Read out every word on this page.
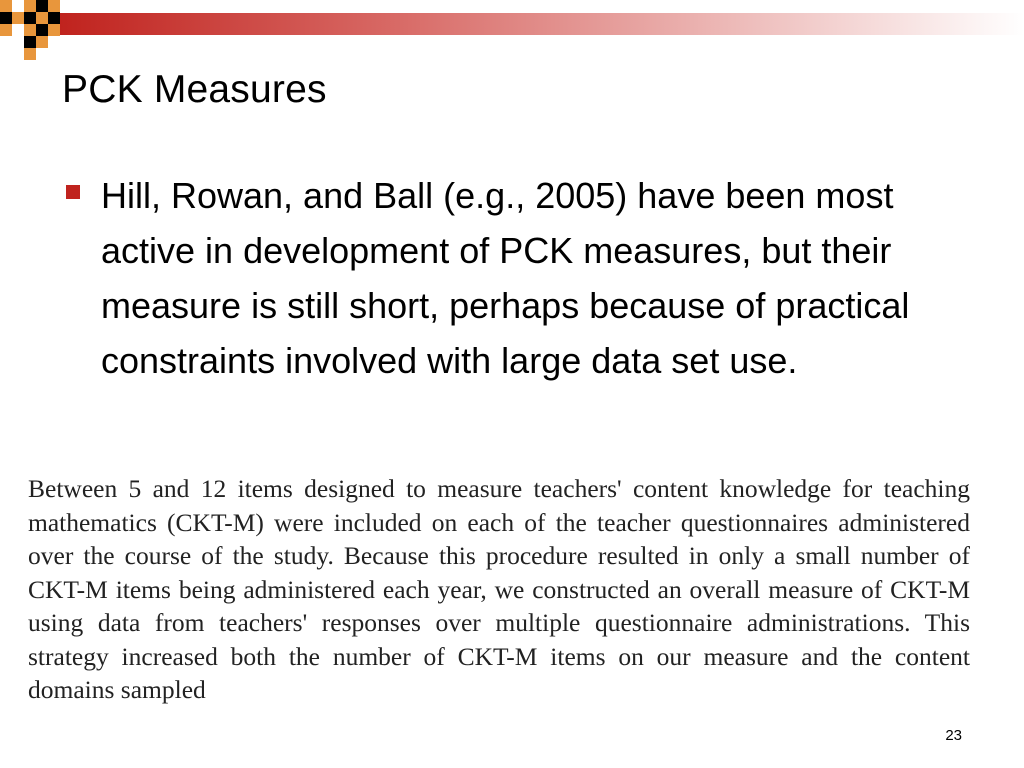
PCK Measures

Hill, Rowan, and Ball (e.g., 2005) have been most active in development of PCK measures, but their measure is still short, perhaps because of practical constraints involved with large data set use.

Between 5 and 12 items designed to measure teachers' content knowledge for teaching mathematics (CKT-M) were included on each of the teacher questionnaires administered over the course of the study. Because this procedure resulted in only a small number of CKT-M items being administered each year, we constructed an overall measure of CKT-M using data from teachers' responses over multiple questionnaire administrations. This strategy increased both the number of CKT-M items on our measure and the content domains sampled

23
